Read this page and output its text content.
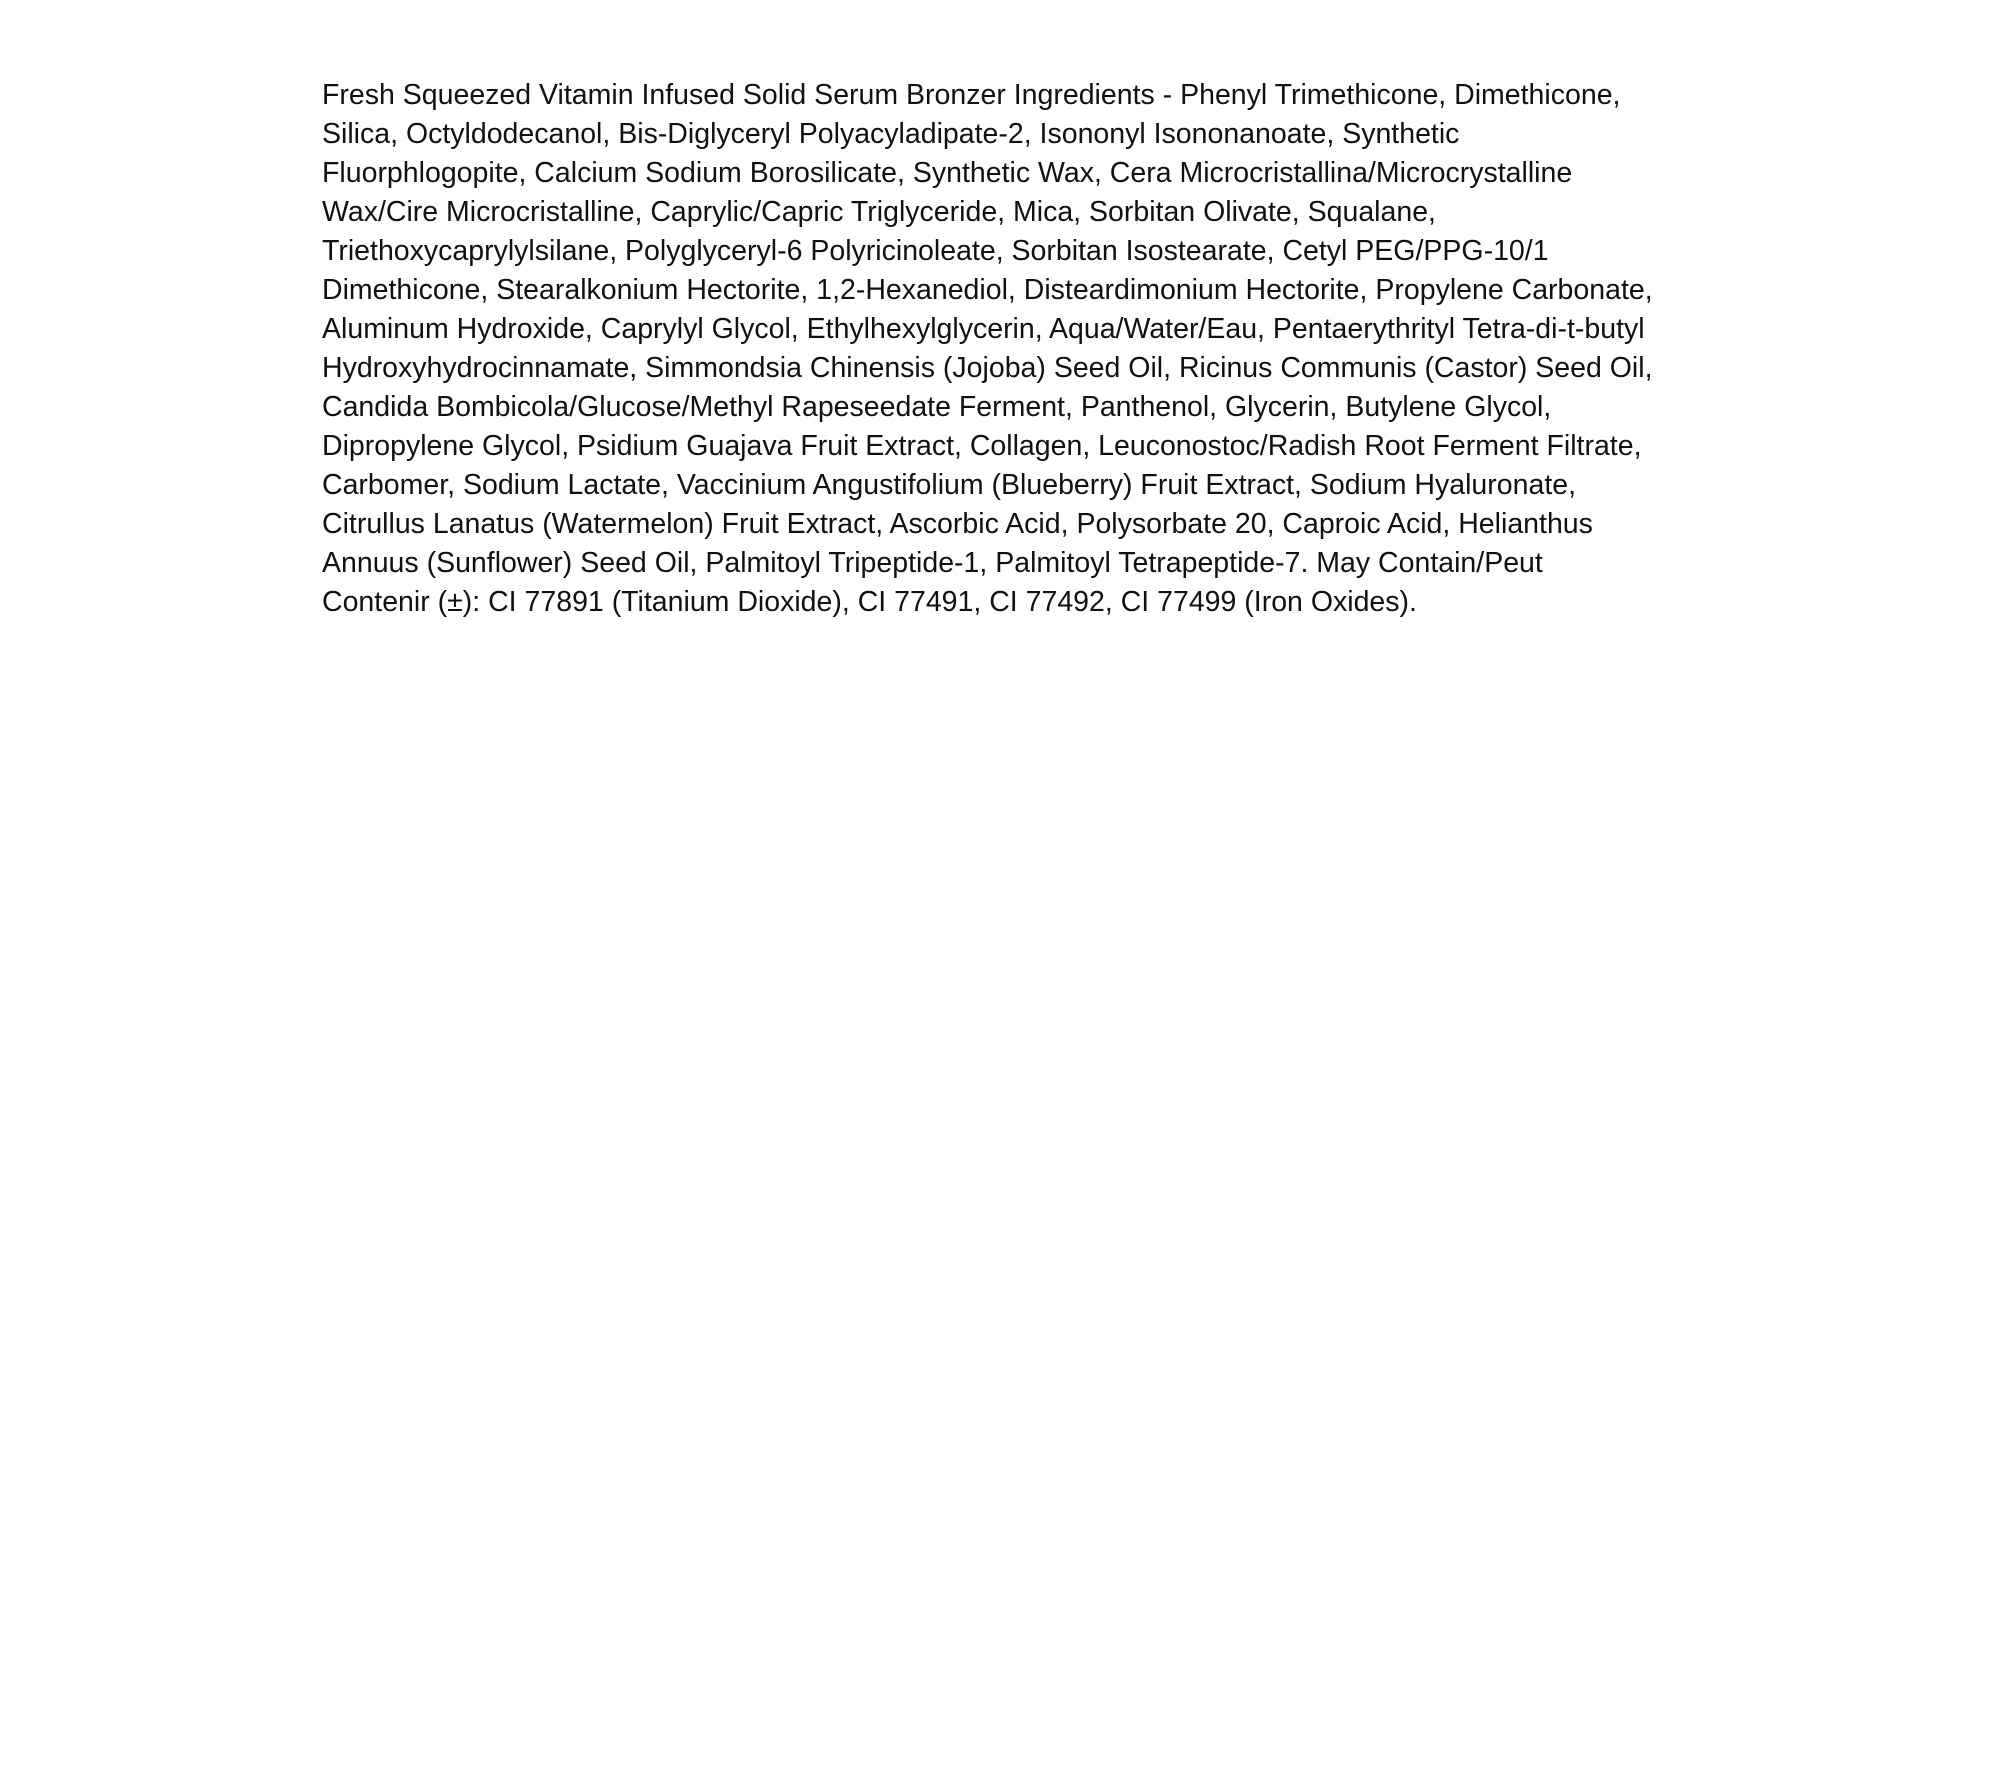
Fresh Squeezed Vitamin Infused Solid Serum Bronzer Ingredients - Phenyl Trimethicone, Dimethicone,
Silica, Octyldodecanol, Bis-Diglyceryl Polyacyladipate-2, Isononyl Isononanoate, Synthetic
Fluorphlogopite, Calcium Sodium Borosilicate, Synthetic Wax, Cera Microcristallina/Microcrystalline
Wax/Cire Microcristalline, Caprylic/Capric Triglyceride, Mica, Sorbitan Olivate, Squalane,
Triethoxycaprylylsilane, Polyglyceryl-6 Polyricinoleate, Sorbitan Isostearate, Cetyl PEG/PPG-10/1
Dimethicone, Stearalkonium Hectorite, 1,2-Hexanediol, Disteardimonium Hectorite, Propylene Carbonate,
Aluminum Hydroxide, Caprylyl Glycol, Ethylhexylglycerin, Aqua/Water/Eau, Pentaerythrityl Tetra-di-t-butyl
Hydroxyhydrocinnamate, Simmondsia Chinensis (Jojoba) Seed Oil, Ricinus Communis (Castor) Seed Oil,
Candida Bombicola/Glucose/Methyl Rapeseedate Ferment, Panthenol, Glycerin, Butylene Glycol,
Dipropylene Glycol, Psidium Guajava Fruit Extract, Collagen, Leuconostoc/Radish Root Ferment Filtrate,
Carbomer, Sodium Lactate, Vaccinium Angustifolium (Blueberry) Fruit Extract, Sodium Hyaluronate,
Citrullus Lanatus (Watermelon) Fruit Extract, Ascorbic Acid, Polysorbate 20, Caproic Acid, Helianthus
Annuus (Sunflower) Seed Oil, Palmitoyl Tripeptide-1, Palmitoyl Tetrapeptide-7. May Contain/Peut
Contenir (±): CI 77891 (Titanium Dioxide), CI 77491, CI 77492, CI 77499 (Iron Oxides).
